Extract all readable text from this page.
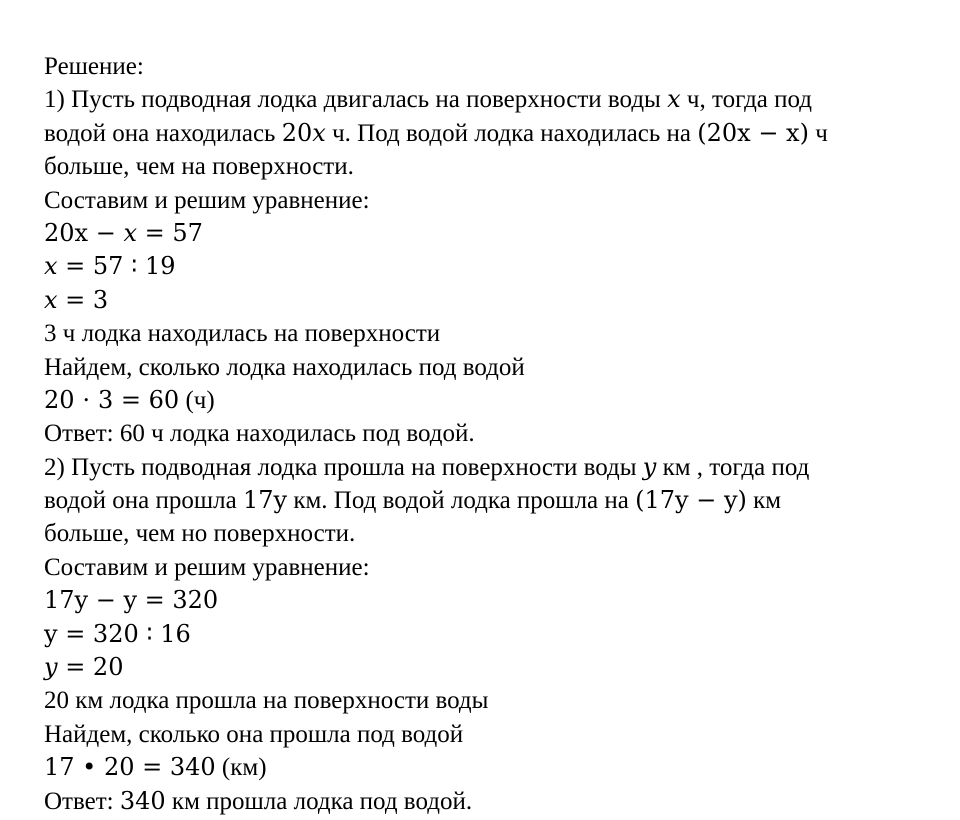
Решение:
1) Пусть подводная лодка двигалась на поверхности воды x ч, тогда под
водой она находилась 20x ч. Под водой лодка находилась на (20x − x) ч
больше, чем на поверхности.
Составим и решим уравнение:
20x − x = 57
x = 57 ∶ 19
x = 3
3 ч лодка находилась на поверхности
Найдем, сколько лодка находилась под водой
20 ⋅ 3 = 60 (ч)
Ответ: 60 ч лодка находилась под водой.
2) Пусть подводная лодка прошла на поверхности воды y км , тогда под
водой она прошла 17y км. Под водой лодка прошла на (17y − y) км
больше, чем но поверхности.
Составим и решим уравнение:
17y − y = 320
y = 320 ∶ 16
y = 20
20 км лодка прошла на поверхности воды
Найдем, сколько она прошла под водой
17 • 20 = 340 (км)
Ответ: 340 км прошла лодка под водой.
